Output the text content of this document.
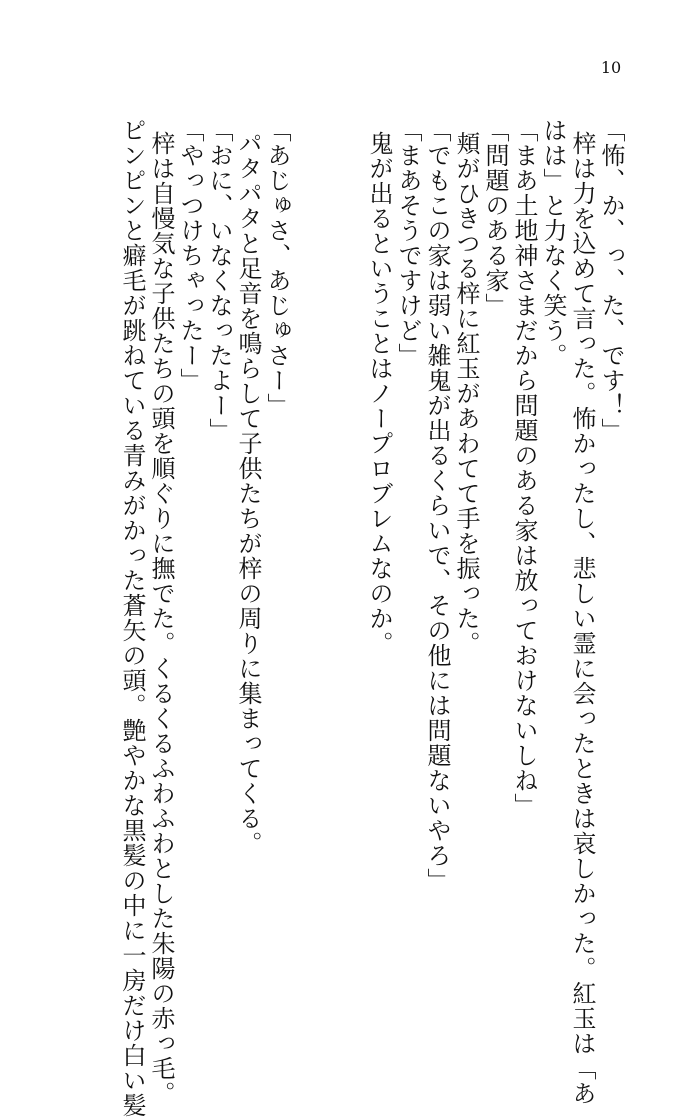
10
「怖、か、っ、た、です！」
梓は力を込めて言った。怖かったし、悲しい霊に会ったときは哀しかった。紅玉は「あ
はは」と力なく笑う。
「まあ土地神さまだから問題のある家は放っておけないしね」
「問題のある家」
頬がひきつる梓に紅玉があわてて手を振った。
「でもこの家は弱い雑鬼が出るくらいで、その他には問題ないやろ」
「まあそうですけど」
鬼が出るということはノープロブレムなのか。
「あじゅさ、あじゅさー」
パタパタと足音を鳴らして子供たちが梓の周りに集まってくる。
「おに、いなくなったよー」
「やっつけちゃったー」
梓は自慢気な子供たちの頭を順ぐりに撫でた。くるくるふわふわとした朱陽の赤っ毛。
ピンピンと癖毛が跳ねている青みがかった蒼矢の頭。艶やかな黒髪の中に一房だけ白い髪
